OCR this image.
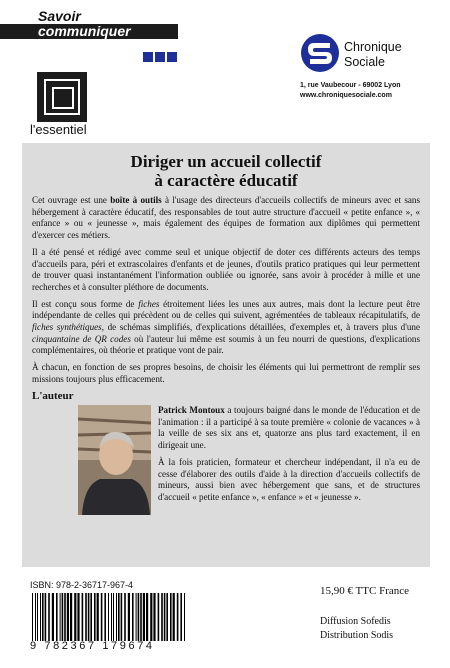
Savoir
communiquer
l'essentiel
Chronique
Sociale
1, rue Vaubecour - 69002 Lyon
www.chroniquesociale.com
Diriger un accueil collectif
à caractère éducatif

Cet ouvrage est une boîte à outils à l'usage des directeurs d'accueils collectifs de mineurs avec et sans hébergement à caractère éducatif, des responsables de tout autre structure d'accueil « petite enfance », « enfance » ou « jeunesse », mais également des équipes de formation aux diplômes qui permettent d'exercer ces métiers.

Il a été pensé et rédigé avec comme seul et unique objectif de doter ces différents acteurs des temps d'accueils para, péri et extrascolaires d'enfants et de jeunes, d'outils pratico pratiques qui leur permettent de trouver quasi instantanément l'information oubliée ou ignorée, sans avoir à procéder à mille et une recherches et à consulter pléthore de documents.

Il est conçu sous forme de fiches étroitement liées les unes aux autres, mais dont la lecture peut être indépendante de celles qui précèdent ou de celles qui suivent, agrémentées de tableaux récapitulatifs, de fiches synthétiques, de schémas simplifiés, d'explications détaillées, d'exemples et, à travers plus d'une cinquantaine de QR codes où l'auteur lui même est soumis à un feu nourri de questions, d'explications complémentaires, où théorie et pratique vont de pair.

À chacun, en fonction de ses propres besoins, de choisir les éléments qui lui permettront de remplir ses missions toujours plus efficacement.

L'auteur

Patrick Montoux a toujours baigné dans le monde de l'éducation et de l'animation : il a participé à sa toute première « colonie de vacances » à la veille de ses six ans et, quatorze ans plus tard exactement, il en dirigeait une.

À la fois praticien, formateur et chercheur indépendant, il n'a eu de cesse d'élaborer des outils d'aide à la direction d'accueils collectifs de mineurs, aussi bien avec hébergement que sans, et de structures d'accueil « petite enfance », « enfance » et « jeunesse ».

ISBN: 978-2-36717-967-4
9 782367 179674
15,90 € TTC France
Diffusion Sofedis
Distribution Sodis
